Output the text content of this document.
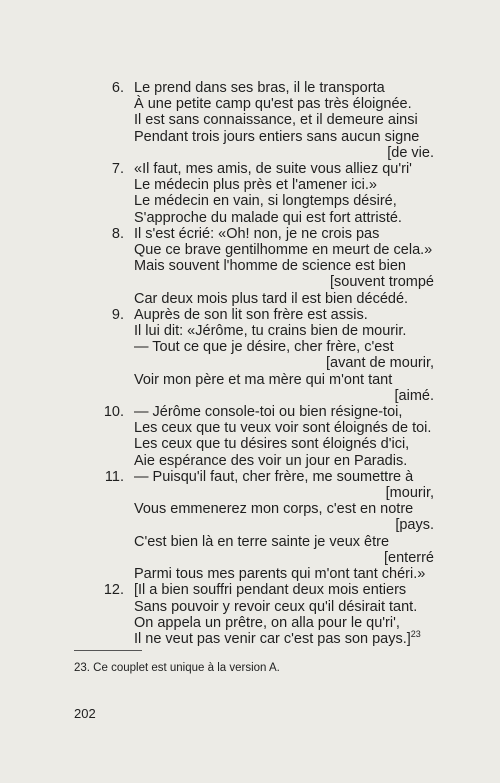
6. Le prend dans ses bras, il le transporta
À une petite camp qu'est pas très éloignée.
Il est sans connaissance, et il demeure ainsi
Pendant trois jours entiers sans aucun signe
[de vie.
7. «Il faut, mes amis, de suite vous alliez qu'ri'
Le médecin plus près et l'amener ici.»
Le médecin en vain, si longtemps désiré,
S'approche du malade qui est fort attristé.
8. Il s'est écrié: «Oh! non, je ne crois pas
Que ce brave gentilhomme en meurt de cela.»
Mais souvent l'homme de science est bien
[souvent trompé
Car deux mois plus tard il est bien décédé.
9. Auprès de son lit son frère est assis.
Il lui dit: «Jérôme, tu crains bien de mourir.
— Tout ce que je désire, cher frère, c'est
[avant de mourir,
Voir mon père et ma mère qui m'ont tant
[aimé.
10. — Jérôme console-toi ou bien résigne-toi,
Les ceux que tu veux voir sont éloignés de toi.
Les ceux que tu désires sont éloignés d'ici,
Aie espérance des voir un jour en Paradis.
11. — Puisqu'il faut, cher frère, me soumettre à
[mourir,
Vous emmenerez mon corps, c'est en notre
[pays.
C'est bien là en terre sainte je veux être
[enterré
Parmi tous mes parents qui m'ont tant chéri.»
12. [Il a bien souffri pendant deux mois entiers
Sans pouvoir y revoir ceux qu'il désirait tant.
On appela un prêtre, on alla pour le qu'ri',
Il ne veut pas venir car c'est pas son pays.]$^{23}$
23. Ce couplet est unique à la version A.
202
